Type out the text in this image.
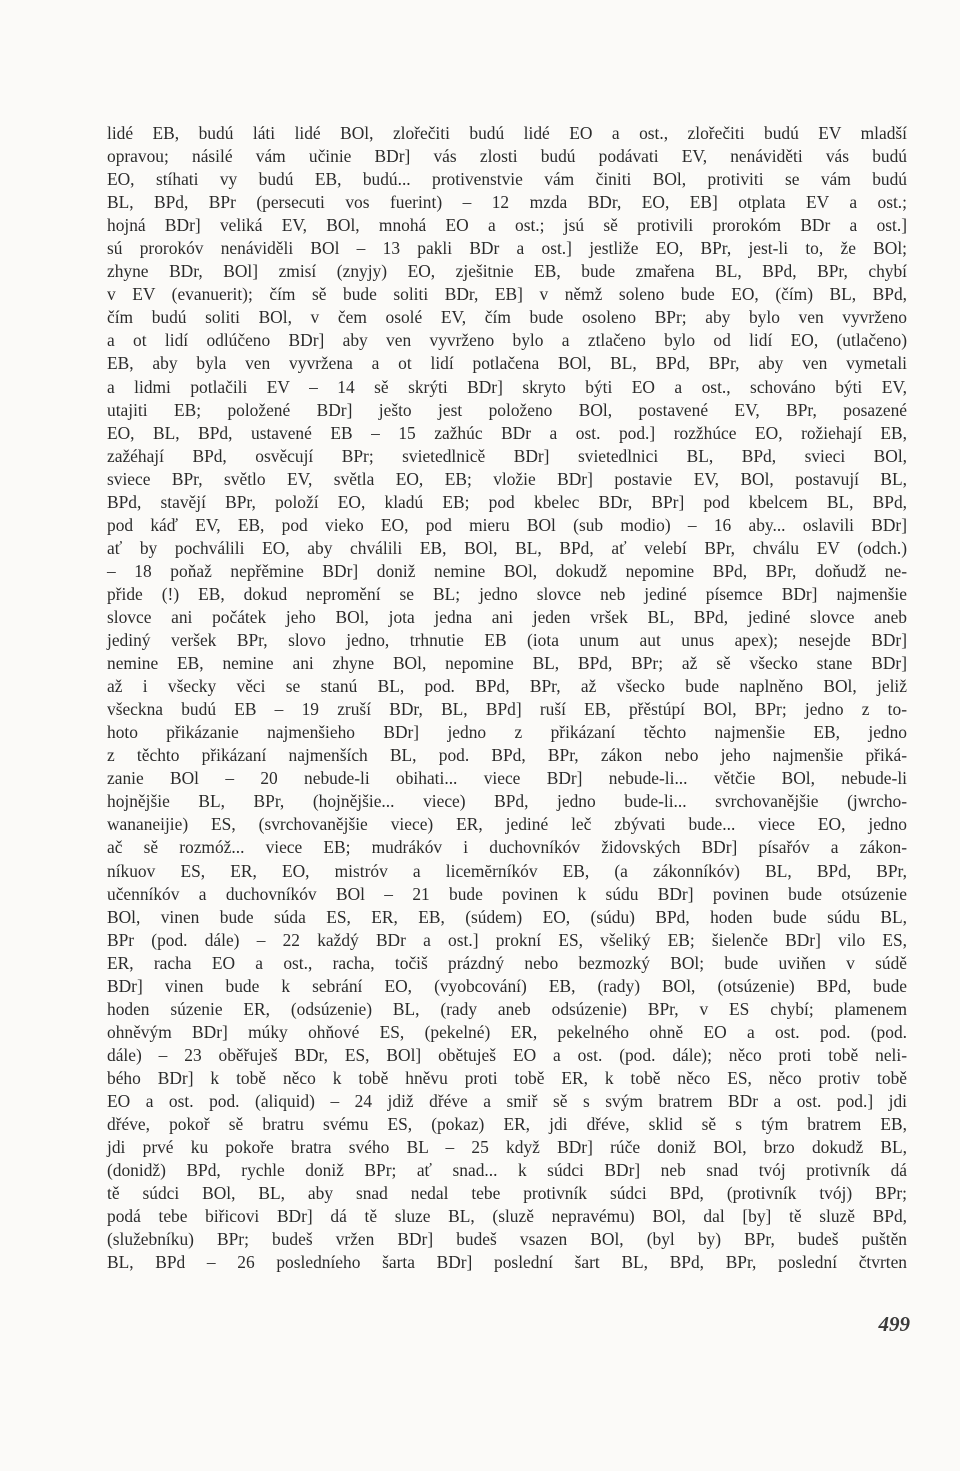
lidé EB, budú láti lidé BOl, zlořečiti budú lidé EO a ost., zlořečiti budú EV mladší
opravou; násilé vám učinie BDr] vás zlosti budú podávati EV, nenáviděti vás budú
EO, stíhati vy budú EB, budú... protivenstvie vám činiti BOl, protiviti se vám budú
BL, BPd, BPr (persecuti vos fuerint) – 12 mzda BDr, EO, EB] otplata EV a ost.;
hojná BDr] veliká EV, BOl, mnohá EO a ost.; jsú sě protivili prorokóm BDr a ost.]
sú prorokóv nenáviděli BOl – 13 pakli BDr a ost.] jestliže EO, BPr, jest-li to, že BOl;
zhyne BDr, BOl] zmisí (znyjy) EO, zješitnie EB, bude zmařena BL, BPd, BPr, chybí
v EV (evanuerit); čím sě bude soliti BDr, EB] v němž soleno bude EO, (čím) BL, BPd,
čím budú soliti BOl, v čem osolé EV, čím bude osoleno BPr; aby bylo ven vyvrženo
a ot lidí odlúčeno BDr] aby ven vyvrženo bylo a ztlačeno bylo od lidí EO, (utlačeno)
EB, aby byla ven vyvržena a ot lidí potlačena BOl, BL, BPd, BPr, aby ven vymetali
a lidmi potlačili EV – 14 sě skrýti BDr] skryto býti EO a ost., schováno býti EV,
utajiti EB; položené BDr] ješto jest položeno BOl, postavené EV, BPr, posazené
EO, BL, BPd, ustavené EB – 15 zažhúc BDr a ost. pod.] rozžhúce EO, rožiehají EB,
zažéhají BPd, osvěcují BPr; svietedlnicě BDr] svietedlnici BL, BPd, svieci BOl,
sviece BPr, světlo EV, světla EO, EB; vložie BDr] postavie EV, BOl, postavují BL,
BPd, stavějí BPr, položí EO, kladú EB; pod kbelec BDr, BPr] pod kbelcem BL, BPd,
pod káď EV, EB, pod vieko EO, pod mieru BOl (sub modio) – 16 aby... oslavili BDr]
ať by pochválili EO, aby chválili EB, BOl, BL, BPd, ať velebí BPr, chválu EV (odch.)
– 18 poňaž nepřěmine BDr] doniž nemine BOl, dokudž nepomine BPd, BPr, doňudž ne-
přide (!) EB, dokud nepromění se BL; jedno slovce neb jediné písemce BDr] najmenšie
slovce ani počátek jeho BOl, jota jedna ani jeden vršek BL, BPd, jediné slovce aneb
jediný veršek BPr, slovo jedno, trhnutie EB (iota unum aut unus apex); nesejde BDr]
nemine EB, nemine ani zhyne BOl, nepomine BL, BPd, BPr; až sě všecko stane BDr]
až i všecky věci se stanú BL, pod. BPd, BPr, až všecko bude naplněno BOl, jeliž
všeckna budú EB – 19 zruší BDr, BL, BPd] ruší EB, přěstúpí BOl, BPr; jedno z to-
hoto přikázanie najmenšieho BDr] jedno z přikázaní těchto najmenšie EB, jedno
z těchto přikázaní najmenších BL, pod. BPd, BPr, zákon nebo jeho najmenšie přiká-
zanie BOl – 20 nebude-li obihati... viece BDr] nebude-li... větčie BOl, nebude-li
hojnějšie BL, BPr, (hojnějšie... viece) BPd, jedno bude-li... svrchovanějšie (jwrcho-
wananeijie) ES, (svrchovanějšie viece) ER, jediné leč zbývati bude... viece EO, jedno
ač sě rozmóž... viece EB; mudrákóv i duchovníkóv židovských BDr] písařóv a zákon-
níkuov ES, ER, EO, mistróv a licemĕrníkóv EB, (a zákonníkóv) BL, BPd, BPr,
učenníkóv a duchovníkóv BOl – 21 bude povinen k súdu BDr] povinen bude otsúzenie
BOl, vinen bude súda ES, ER, EB, (súdem) EO, (súdu) BPd, hoden bude súdu BL,
BPr (pod. dále) – 22 každý BDr a ost.] prokní ES, všeliký EB; šielenče BDr] vilo ES,
ER, racha EO a ost., racha, točiš prázdný nebo bezmozký BOl; bude uviňen v súdě
BDr] vinen bude k sebrání EO, (vyobcování) EB, (rady) BOl, (otsúzenie) BPd, bude
hoden súzenie ER, (odsúzenie) BL, (rady aneb odsúzenie) BPr, v ES chybí; plamenem
ohněvým BDr] múky ohňové ES, (pekelné) ER, pekelného ohně EO a ost. pod. (pod.
dále) – 23 oběřuješ BDr, ES, BOl] obětuješ EO a ost. (pod. dále); něco proti tobě neli-
bého BDr] k tobě něco k tobě hněvu proti tobě ER, k tobě něco ES, něco protiv tobě
EO a ost. pod. (aliquid) – 24 jdiž dřéve a smiř sě s svým bratrem BDr a ost. pod.] jdi
dřéve, pokoř sě bratru svému ES, (pokaz) ER, jdi dřéve, sklid sě s tým bratrem EB,
jdi prvé ku pokoře bratra svého BL – 25 když BDr] rúče doniž BOl, brzo dokudž BL,
(donidž) BPd, rychle doniž BPr; ať snad... k súdci BDr] neb snad tvój protivník dá
tě súdci BOl, BL, aby snad nedal tebe protivník súdci BPd, (protivník tvój) BPr;
podá tebe biřicovi BDr] dá tě sluze BL, (sluzě nepravému) BOl, dal [by] tě sluzě BPd,
(služebníku) BPr; budeš vržen BDr] budeš vsazen BOl, (byl by) BPr, budeš puštěn
BL, BPd – 26 posledníeho šarta BDr] poslední šart BL, BPd, BPr, poslední čtvrten
499
